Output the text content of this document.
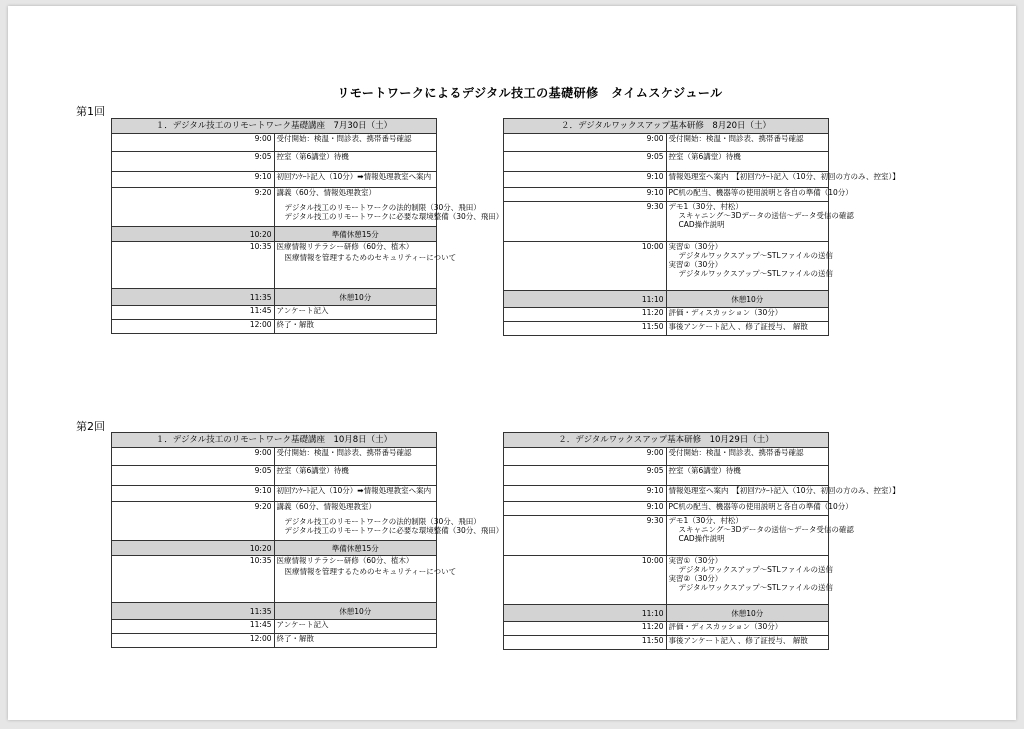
リモートワークによるデジタル技工の基礎研修　タイムスケジュール
第1回
１．デジタル技工のリモートワーク基礎講座　7月30日（土）	
9:00	受付開始：検温・問診表、携帯番号確認
9:05	控室（第6講堂）待機
9:10	初回ｱﾝｹｰﾄ記入（10分）➡情報処理教室へ案内
9:20	講義（60分、情報処理教室）
デジタル技工のリモートワークの法的制限（30分、飛田）
デジタル技工のリモートワークに必要な環境整備（30分、飛田）

10:20	準備休憩15分
10:35	医療情報リテラシー研修（60分、植木）
医療情報を管理するためのセキュリティーについて

11:35	休憩10分
11:45	アンケート記入
12:00	終了・解散
２．デジタルワックスアップ基本研修　8月20日（土）	
9:00	受付開始：検温・問診表、携帯番号確認
9:05	控室（第6講堂）待機
9:10	情報処理室へ案内　【初回ｱﾝｹｰﾄ記入（10分、初回の方のみ、控室）】
9:10	PC机の配当、機器等の使用説明と各自の準備（10分）
9:30	デモ1（30分、村松）
スキャニング～3Dデータの送信～データ受信の確認
CAD操作説明

10:00	実習①（30分）
デジタルワックスアップ～STLファイルの送信
実習②（30分）
デジタルワックスアップ～STLファイルの送信

11:10	休憩10分
11:20	評価・ディスカッション（30分）
11:50	事後アンケート記入 、修了証授与、 解散
第2回
１．デジタル技工のリモートワーク基礎講座　10月8日（土）	
9:00	受付開始：検温・問診表、携帯番号確認
9:05	控室（第6講堂）待機
9:10	初回ｱﾝｹｰﾄ記入（10分）➡情報処理教室へ案内
9:20	講義（60分、情報処理教室）
デジタル技工のリモートワークの法的制限（30分、飛田）
デジタル技工のリモートワークに必要な環境整備（30分、飛田）

10:20	準備休憩15分
10:35	医療情報リテラシー研修（60分、植木）
医療情報を管理するためのセキュリティーについて

11:35	休憩10分
11:45	アンケート記入
12:00	終了・解散
２．デジタルワックスアップ基本研修　10月29日（土）	
9:00	受付開始：検温・問診表、携帯番号確認
9:05	控室（第6講堂）待機
9:10	情報処理室へ案内　【初回ｱﾝｹｰﾄ記入（10分、初回の方のみ、控室）】
9:10	PC机の配当、機器等の使用説明と各自の準備（10分）
9:30	デモ1（30分、村松）
スキャニング～3Dデータの送信～データ受信の確認
CAD操作説明

10:00	実習①（30分）
デジタルワックスアップ～STLファイルの送信
実習②（30分）
デジタルワックスアップ～STLファイルの送信

11:10	休憩10分
11:20	評価・ディスカッション（30分）
11:50	事後アンケート記入 、修了証授与、 解散
